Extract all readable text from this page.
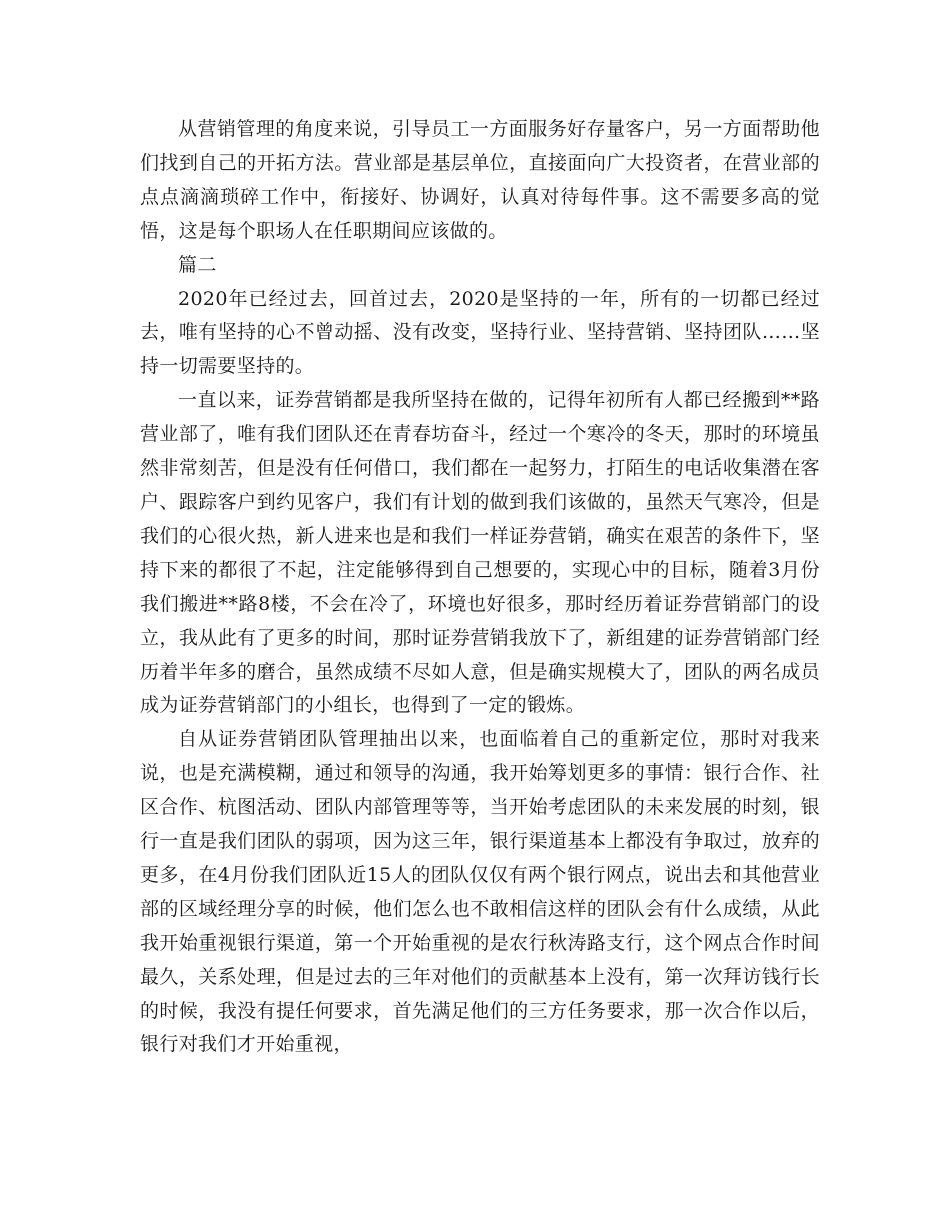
从营销管理的角度来说，引导员工一方面服务好存量客户，另一方面帮助他们找到自己的开拓方法。营业部是基层单位，直接面向广大投资者，在营业部的点点滴滴琐碎工作中，衔接好、协调好，认真对待每件事。这不需要多高的觉悟，这是每个职场人在任职期间应该做的。

篇二

2020年已经过去，回首过去，2020是坚持的一年，所有的一切都已经过去，唯有坚持的心不曾动摇、没有改变，坚持行业、坚持营销、坚持团队……坚持一切需要坚持的。

一直以来，证券营销都是我所坚持在做的，记得年初所有人都已经搬到**路营业部了，唯有我们团队还在青春坊奋斗，经过一个寒冷的冬天，那时的环境虽然非常刻苦，但是没有任何借口，我们都在一起努力，打陌生的电话收集潜在客户、跟踪客户到约见客户，我们有计划的做到我们该做的，虽然天气寒冷，但是我们的心很火热，新人进来也是和我们一样证券营销，确实在艰苦的条件下，坚持下来的都很了不起，注定能够得到自己想要的，实现心中的目标，随着3月份我们搬进**路8楼，不会在冷了，环境也好很多，那时经历着证券营销部门的设立，我从此有了更多的时间，那时证券营销我放下了，新组建的证券营销部门经历着半年多的磨合，虽然成绩不尽如人意，但是确实规模大了，团队的两名成员成为证券营销部门的小组长，也得到了一定的锻炼。

自从证券营销团队管理抽出以来，也面临着自己的重新定位，那时对我来说，也是充满模糊，通过和领导的沟通，我开始筹划更多的事情：银行合作、社区合作、杭图活动、团队内部管理等等，当开始考虑团队的未来发展的时刻，银行一直是我们团队的弱项，因为这三年，银行渠道基本上都没有争取过，放弃的更多，在4月份我们团队近15人的团队仅仅有两个银行网点，说出去和其他营业部的区域经理分享的时候，他们怎么也不敢相信这样的团队会有什么成绩，从此我开始重视银行渠道，第一个开始重视的是农行秋涛路支行，这个网点合作时间最久，关系处理，但是过去的三年对他们的贡献基本上没有，第一次拜访钱行长的时候，我没有提任何要求，首先满足他们的三方任务要求，那一次合作以后，银行对我们才开始重视，
